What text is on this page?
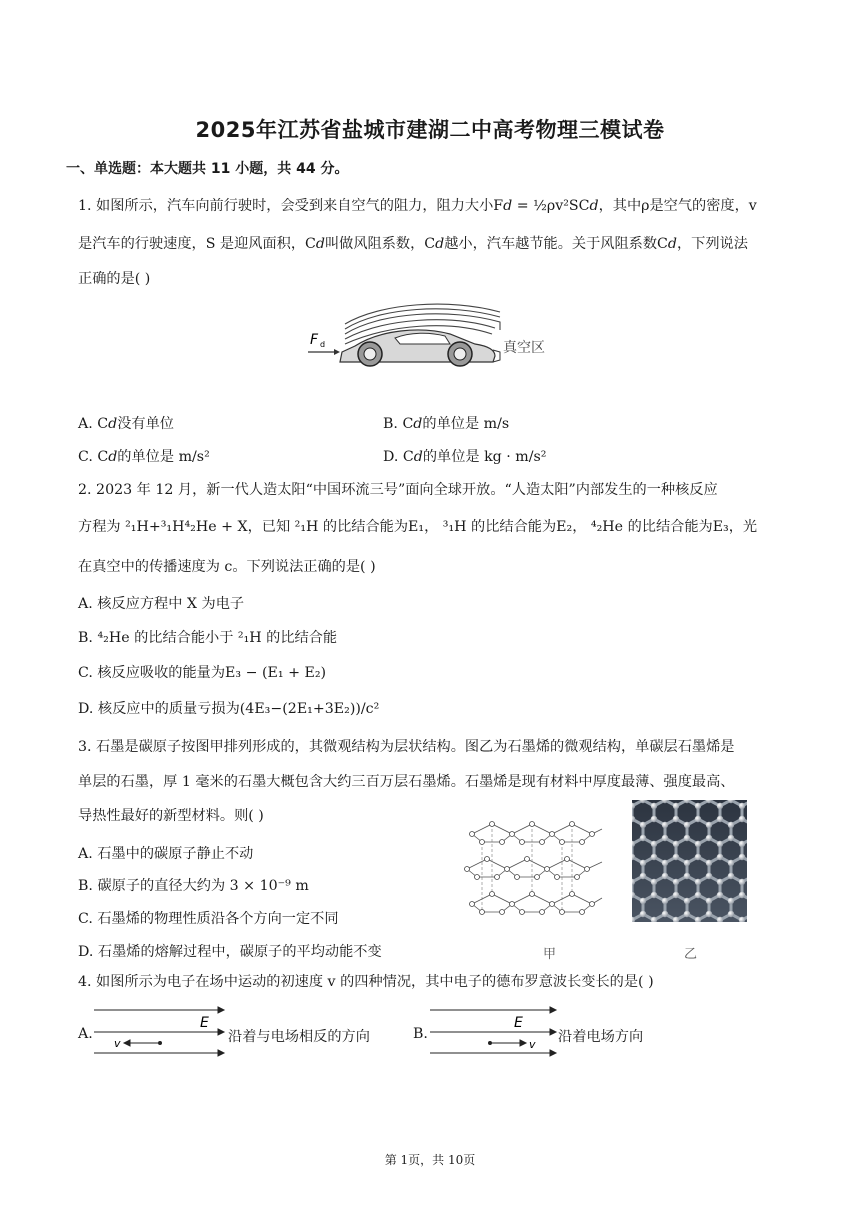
2025年江苏省盐城市建湖二中高考物理三模试卷
一、单选题：本大题共 11 小题，共 44 分。
1. 如图所示，汽车向前行驶时，会受到来自空气的阻力，阻力大小F𝑑 = ½ρv²SC𝑑，其中ρ是空气的密度，v
是汽车的行驶速度，S 是迎风面积，C𝑑叫做风阻系数，C𝑑越小，汽车越节能。关于风阻系数C𝑑，下列说法
正确的是( )
F d	真空区
A. C𝑑没有单位	B. C𝑑的单位是 m/s
C. C𝑑的单位是 m/s²	D. C𝑑的单位是 kg · m/s²
2. 2023 年 12 月，新一代人造太阳“中国环流三号”面向全球开放。“人造太阳”内部发生的一种核反应
方程为 ²₁H+³₁H⁴₂He + X，已知 ²₁H 的比结合能为E₁， ³₁H 的比结合能为E₂， ⁴₂He 的比结合能为E₃，光
在真空中的传播速度为 c。下列说法正确的是( )
A. 核反应方程中 X 为电子
B. ⁴₂He 的比结合能小于 ²₁H 的比结合能
C. 核反应吸收的能量为E₃ − (E₁ + E₂)
D. 核反应中的质量亏损为(4E₃−(2E₁+3E₂))/c²
3. 石墨是碳原子按图甲排列形成的，其微观结构为层状结构。图乙为石墨烯的微观结构，单碳层石墨烯是
单层的石墨，厚 1 毫米的石墨大概包含大约三百万层石墨烯。石墨烯是现有材料中厚度最薄、强度最高、
导热性最好的新型材料。则( )
A. 石墨中的碳原子静止不动
B. 碳原子的直径大约为 3 × 10⁻⁹ m
C. 石墨烯的物理性质沿各个方向一定不同
D. 石墨烯的熔解过程中，碳原子的平均动能不变	甲	乙
4. 如图所示为电子在场中运动的初速度 v 的四种情况，其中电子的德布罗意波长变长的是( )
A.
E
v	沿着与电场相反的方向	B.
E
v 沿着电场方向
第 1页，共 10页
